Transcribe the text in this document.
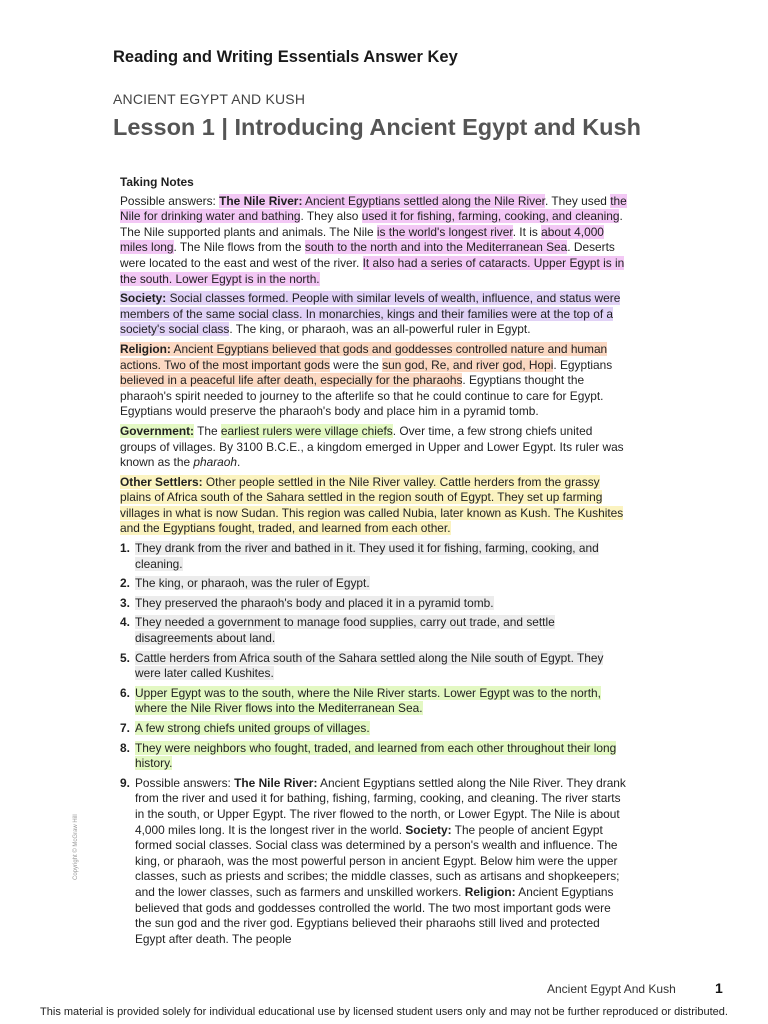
Reading and Writing Essentials Answer Key
ANCIENT EGYPT AND KUSH
Lesson 1 | Introducing Ancient Egypt and Kush
Taking Notes

Possible answers: The Nile River: Ancient Egyptians settled along the Nile River. They used the Nile for drinking water and bathing. They also used it for fishing, farming, cooking, and cleaning. The Nile supported plants and animals. The Nile is the world's longest river. It is about 4,000 miles long. The Nile flows from the south to the north and into the Mediterranean Sea. Deserts were located to the east and west of the river. It also had a series of cataracts. Upper Egypt is in the south. Lower Egypt is in the north.

Society: Social classes formed. People with similar levels of wealth, influence, and status were members of the same social class. In monarchies, kings and their families were at the top of a society's social class. The king, or pharaoh, was an all-powerful ruler in Egypt.

Religion: Ancient Egyptians believed that gods and goddesses controlled nature and human actions. Two of the most important gods were the sun god, Re, and river god, Hopi. Egyptians believed in a peaceful life after death, especially for the pharaohs. Egyptians thought the pharaoh's spirit needed to journey to the afterlife so that he could continue to care for Egypt. Egyptians would preserve the pharaoh's body and place him in a pyramid tomb.

Government: The earliest rulers were village chiefs. Over time, a few strong chiefs united groups of villages. By 3100 B.C.E., a kingdom emerged in Upper and Lower Egypt. Its ruler was known as the pharaoh.

Other Settlers: Other people settled in the Nile River valley. Cattle herders from the grassy plains of Africa south of the Sahara settled in the region south of Egypt. They set up farming villages in what is now Sudan. This region was called Nubia, later known as Kush. The Kushites and the Egyptians fought, traded, and learned from each other.

1. They drank from the river and bathed in it. They used it for fishing, farming, cooking, and cleaning.
2. The king, or pharaoh, was the ruler of Egypt.
3. They preserved the pharaoh's body and placed it in a pyramid tomb.
4. They needed a government to manage food supplies, carry out trade, and settle disagreements about land.
5. Cattle herders from Africa south of the Sahara settled along the Nile south of Egypt. They were later called Kushites.
6. Upper Egypt was to the south, where the Nile River starts. Lower Egypt was to the north, where the Nile River flows into the Mediterranean Sea.
7. A few strong chiefs united groups of villages.
8. They were neighbors who fought, traded, and learned from each other throughout their long history.
9. Possible answers: The Nile River: Ancient Egyptians settled along the Nile River. They drank from the river and used it for bathing, fishing, farming, cooking, and cleaning. The river starts in the south, or Upper Egypt. The river flowed to the north, or Lower Egypt. The Nile is about 4,000 miles long. It is the longest river in the world. Society: The people of ancient Egypt formed social classes. Social class was determined by a person's wealth and influence. The king, or pharaoh, was the most powerful person in ancient Egypt. Below him were the upper classes, such as priests and scribes; the middle classes, such as artisans and shopkeepers; and the lower classes, such as farmers and unskilled workers. Religion: Ancient Egyptians believed that gods and goddesses controlled the world. The two most important gods were the sun god and the river god. Egyptians believed their pharaohs still lived and protected Egypt after death. The people
Copyright © McGraw Hill
Ancient Egypt And Kush	1
This material is provided solely for individual educational use by licensed student users only and may not be further reproduced or distributed.
